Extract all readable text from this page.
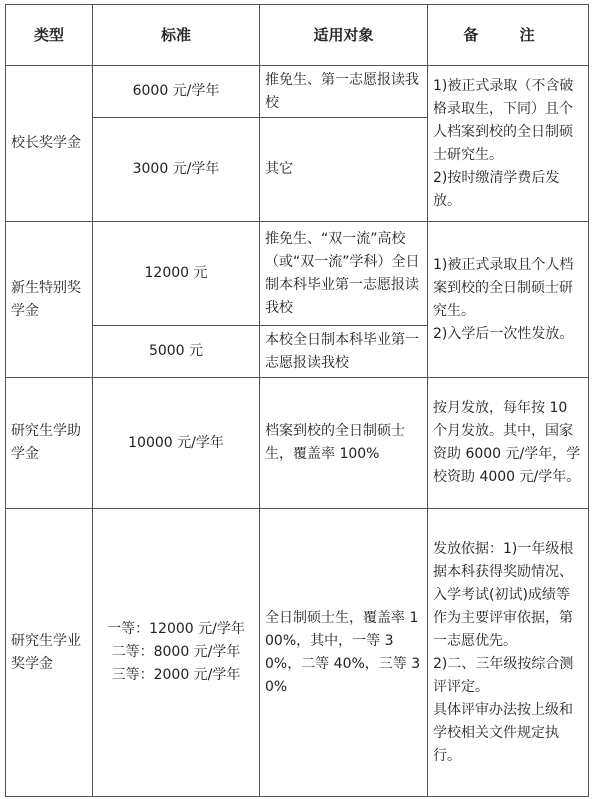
类型	标准	适用对象	备 注
校长奖学金	6000 元/学年	推免生、第一志愿报读我校	1)被正式录取（不含破格录取生，下同）且个人档案到校的全日制硕士研究生。
2)按时缴清学费后发放。

	3000 元/学年	其它	
新生特别奖学金	12000 元	推免生、“双一流”高校（或“双一流”学科）全日制本科毕业第一志愿报读我校	1)被正式录取且个人档案到校的全日制硕士研究生。
2)入学后一次性发放。

	5000 元	本校全日制本科毕业第一志愿报读我校	
研究生学助学金	10000 元/学年	档案到校的全日制硕士生，覆盖率 100%	按月发放，每年按 10 个月发放。其中，国家资助 6000 元/学年，学校资助 4000 元/学年。
研究生学业奖学金	一等：12000 元/学年
二等：8000 元/学年
三等：2000 元/学年	全日制硕士生，覆盖率 100%，其中，一等 30%，二等 40%，三等 30%	发放依据：1)一年级根据本科获得奖励情况、入学考试(初试)成绩等作为主要评审依据，第一志愿优先。
2)二、三年级按综合测评评定。
具体评审办法按上级和学校相关文件规定执行。
